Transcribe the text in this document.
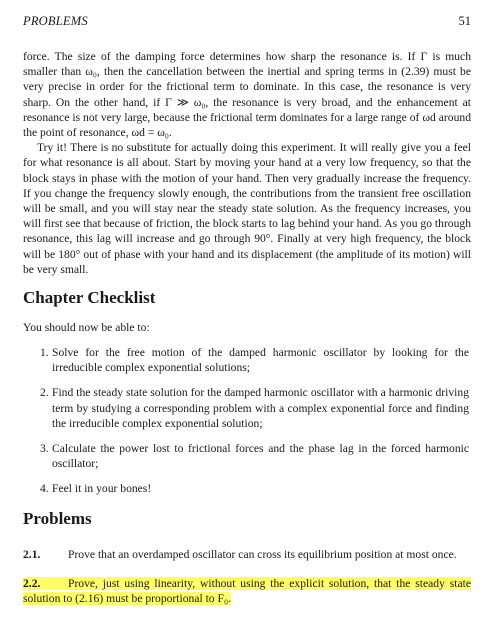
PROBLEMS	51

force. The size of the damping force determines how sharp the resonance is. If Γ is much smaller than ω₀, then the cancellation between the inertial and spring terms in (2.39) must be very precise in order for the frictional term to dominate. In this case, the resonance is very sharp. On the other hand, if Γ ≫ ω₀, the resonance is very broad, and the enhancement at resonance is not very large, because the frictional term dominates for a large range of ωd around the point of resonance, ωd = ω₀.

Try it! There is no substitute for actually doing this experiment. It will really give you a feel for what resonance is all about. Start by moving your hand at a very low frequency, so that the block stays in phase with the motion of your hand. Then very gradually increase the frequency. If you change the frequency slowly enough, the contributions from the transient free oscillation will be small, and you will stay near the steady state solution. As the frequency increases, you will first see that because of friction, the block starts to lag behind your hand. As you go through resonance, this lag will increase and go through 90°. Finally at very high frequency, the block will be 180° out of phase with your hand and its displacement (the amplitude of its motion) will be very small.

Chapter Checklist
You should now be able to:
1. Solve for the free motion of the damped harmonic oscillator by looking for the irreducible complex exponential solutions;
2. Find the steady state solution for the damped harmonic oscillator with a harmonic driving term by studying a corresponding problem with a complex exponential force and finding the irreducible complex exponential solution;
3. Calculate the power lost to frictional forces and the phase lag in the forced harmonic oscillator;
4. Feel it in your bones!
Problems
2.1. Prove that an overdamped oscillator can cross its equilibrium position at most once.
2.2. Prove, just using linearity, without using the explicit solution, that the steady state solution to (2.16) must be proportional to F₀.
